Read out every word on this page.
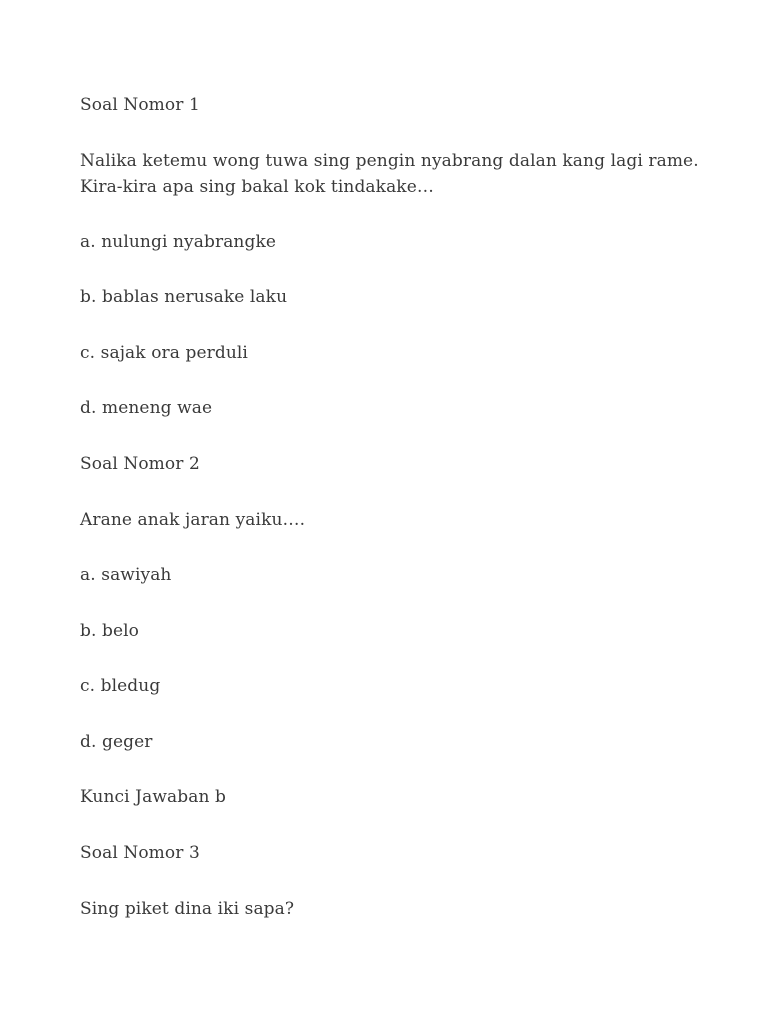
Soal Nomor 1
Nalika ketemu wong tuwa sing pengin nyabrang dalan kang lagi rame.
Kira-kira apa sing bakal kok tindakake…
a. nulungi nyabrangke
b. bablas nerusake laku
c. sajak ora perduli
d. meneng wae
Soal Nomor 2
Arane anak jaran yaiku….
a. sawiyah
b. belo
c. bledug
d. geger
Kunci Jawaban b
Soal Nomor 3
Sing piket dina iki sapa?
